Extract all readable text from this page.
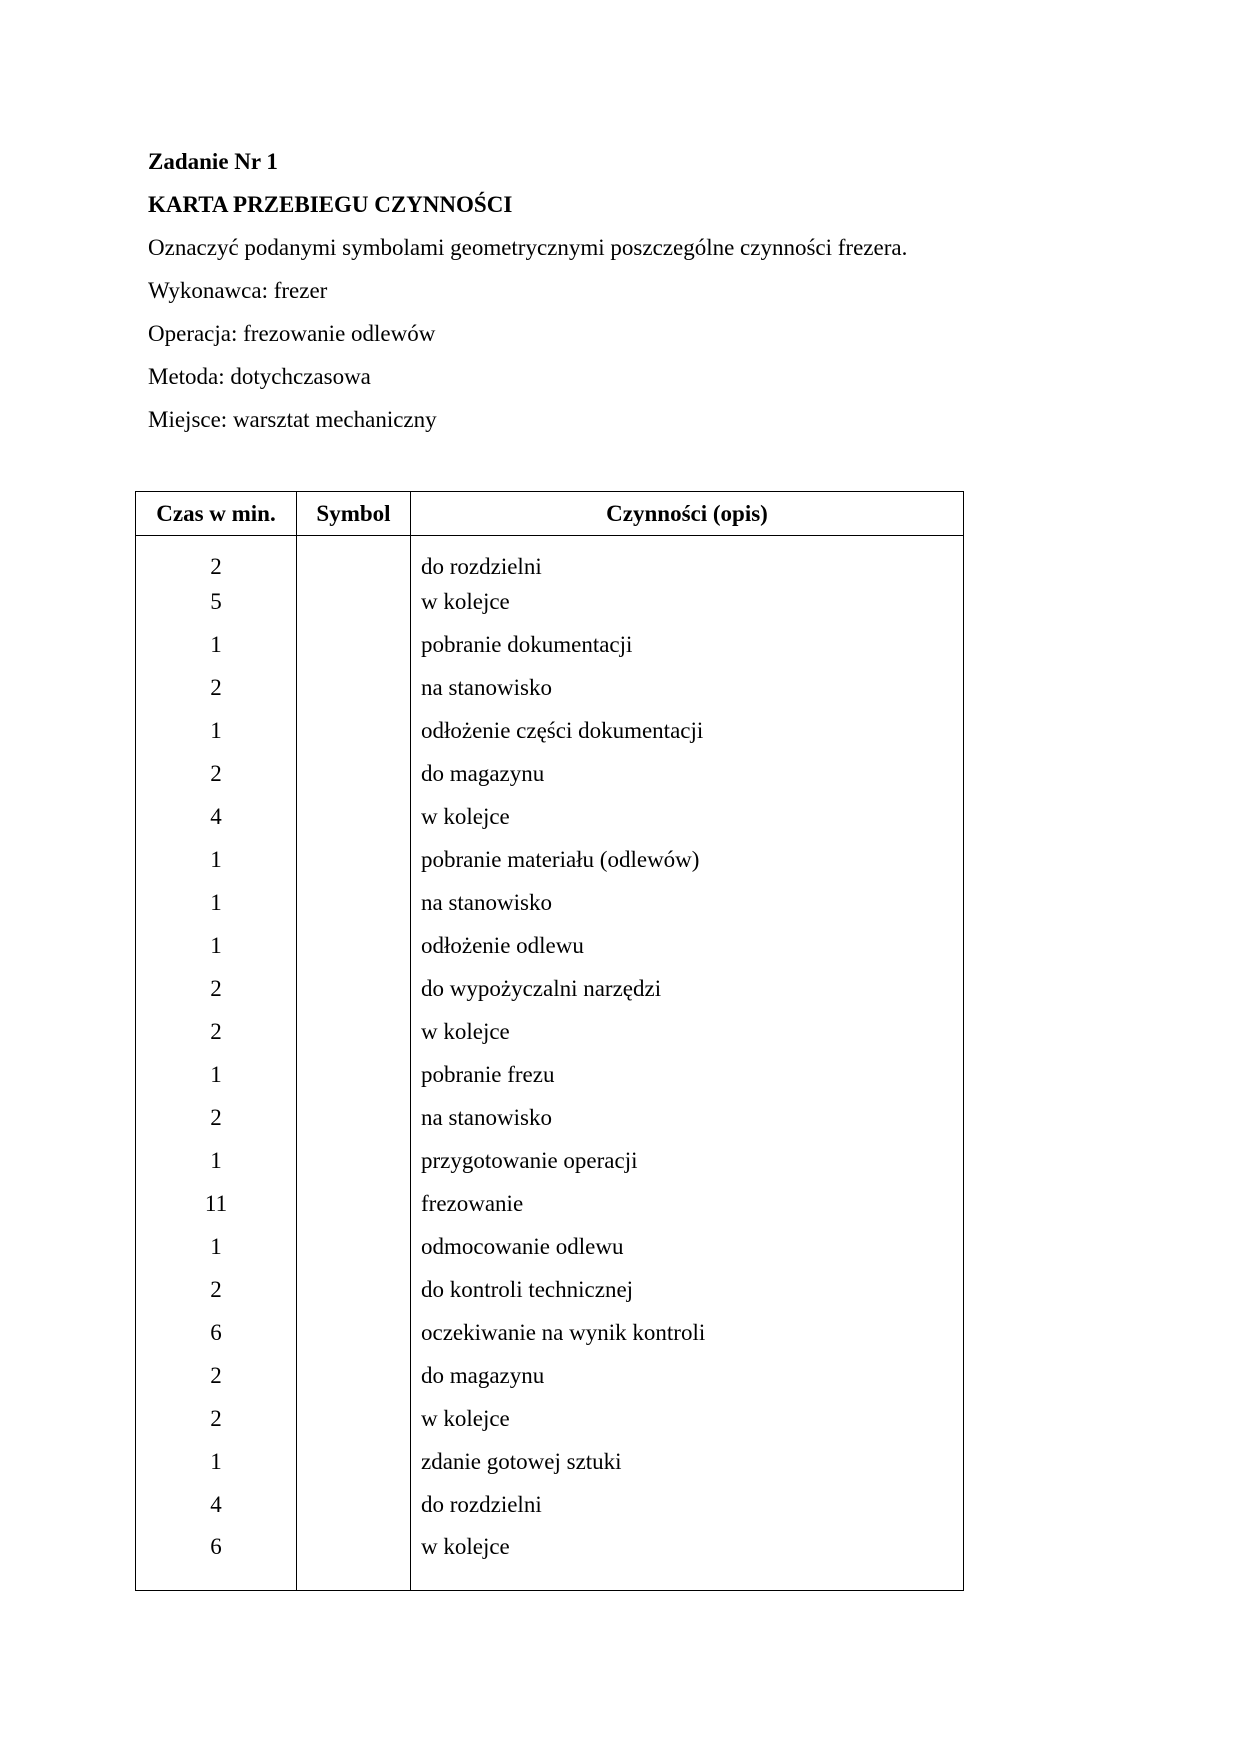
Zadanie Nr 1
KARTA PRZEBIEGU CZYNNOŚCI
Oznaczyć podanymi symbolami geometrycznymi poszczególne czynności frezera.
Wykonawca: frezer
Operacja: frezowanie odlewów
Metoda: dotychczasowa
Miejsce: warsztat mechaniczny
Czas w min.	Symbol	Czynności (opis)
2		do rozdzielni
5		w kolejce
1		pobranie dokumentacji
2		na stanowisko
1		odłożenie części dokumentacji
2		do magazynu
4		w kolejce
1		pobranie materiału (odlewów)
1		na stanowisko
1		odłożenie odlewu
2		do wypożyczalni narzędzi
2		w kolejce
1		pobranie frezu
2		na stanowisko
1		przygotowanie operacji
11		frezowanie
1		odmocowanie odlewu
2		do kontroli technicznej
6		oczekiwanie na wynik kontroli
2		do magazynu
2		w kolejce
1		zdanie gotowej sztuki
4		do rozdzielni
6		w kolejce
